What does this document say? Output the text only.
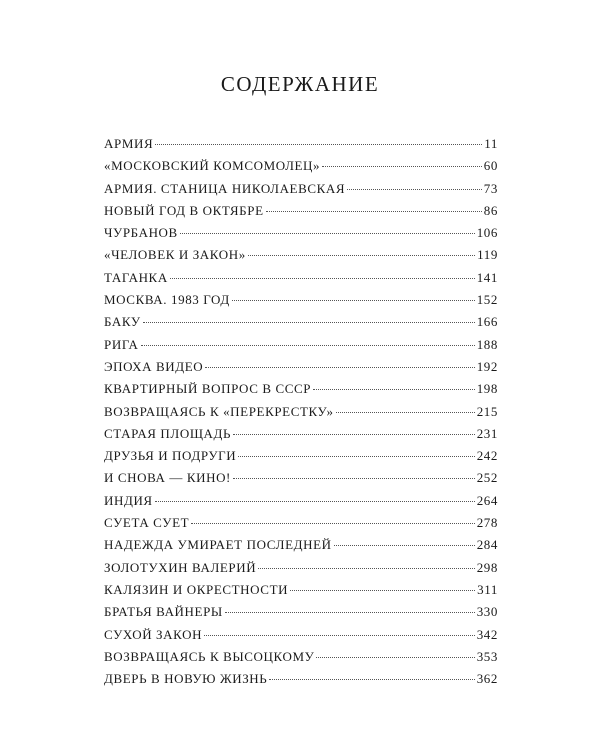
СОДЕРЖАНИЕ
АРМИЯ	11
«МОСКОВСКИЙ КОМСОМОЛЕЦ»	60
АРМИЯ. СТАНИЦА НИКОЛАЕВСКАЯ	73
НОВЫЙ ГОД В ОКТЯБРЕ	86
ЧУРБАНОВ	106
«ЧЕЛОВЕК И ЗАКОН»	119
ТАГАНКА	141
МОСКВА. 1983 ГОД	152
БАКУ	166
РИГА	188
ЭПОХА ВИДЕО	192
КВАРТИРНЫЙ ВОПРОС В СССР	198
ВОЗВРАЩАЯСЬ К «ПЕРЕКРЕСТКУ»	215
СТАРАЯ ПЛОЩАДЬ	231
ДРУЗЬЯ И ПОДРУГИ	242
И СНОВА — КИНО!	252
ИНДИЯ	264
СУЕТА СУЕТ	278
НАДЕЖДА УМИРАЕТ ПОСЛЕДНЕЙ	284
ЗОЛОТУХИН ВАЛЕРИЙ	298
КАЛЯЗИН И ОКРЕСТНОСТИ	311
БРАТЬЯ ВАЙНЕРЫ	330
СУХОЙ ЗАКОН	342
ВОЗВРАЩАЯСЬ К ВЫСОЦКОМУ	353
ДВЕРЬ В НОВУЮ ЖИЗНЬ	362
